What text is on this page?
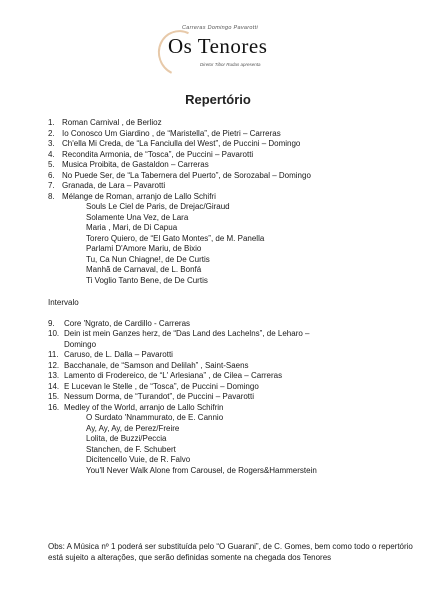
Carreras Domingo Pavarotti
Os Tenores
Diretor Tibor Rudas apresenta
Repertório
1. Roman Carnival , de Berlioz
2. Io Conosco Um Giardino , de “Maristella”, de Pietri – Carreras
3. Ch'ella Mi Creda, de “La Fanciulla del West”, de Puccini – Domingo
4. Recondita Armonia, de “Tosca”, de Puccini – Pavarotti
5. Musica Proibita, de Gastaldon – Carreras
6. No Puede Ser, de “La Tabernera del Puerto”, de Sorozabal – Domingo
7. Granada, de Lara – Pavarotti
8. Mélange de Roman, arranjo de Lallo Schifri
Souls Le Ciel de Paris, de Drejac/Giraud
Solamente Una Vez, de Lara
Maria , Mari, de Di Capua
Torero Quiero, de “El Gato Montes”, de M. Panella
Parlami D'Amore Mariu, de Bixio
Tu, Ca Nun Chiagne!, de De Curtis
Manhã de Carnaval, de L. Bonfá
Ti Voglio Tanto Bene, de De Curtis
Intervalo
9.	Core 'Ngrato, de Cardillo - Carreras
10. Dein ist mein Ganzes herz, de “Das Land des Lachelns”, de Leharo –
Domingo
11. Caruso, de L. Dalla – Pavarotti
12. Bacchanale, de “Samson and Delilah” , Saint-Saens
13. Lamento di Frodereico, de “L' Arlesiana” , de Cilea – Carreras
14. E Lucevan le Stelle , de “Tosca”, de Puccini – Domingo
15. Nessum Dorma, de “Turandot”, de Puccini – Pavarotti
16. Medley of the World, arranjo de Lallo Schifrin
O Surdato 'Nnammurato, de E. Cannio
Ay, Ay, Ay, de Perez/Freire
Lolita, de Buzzi/Peccia
Stanchen, de F. Schubert
Dicitencello Vuie, de R. Falvo
You'll Never Walk Alone from Carousel, de Rogers&Hammerstein
Obs: A Música nº 1 poderá ser substituída pelo “O Guarani”, de C. Gomes, bem como todo o repertório está sujeito a alterações, que serão definidas somente na chegada dos Tenores
